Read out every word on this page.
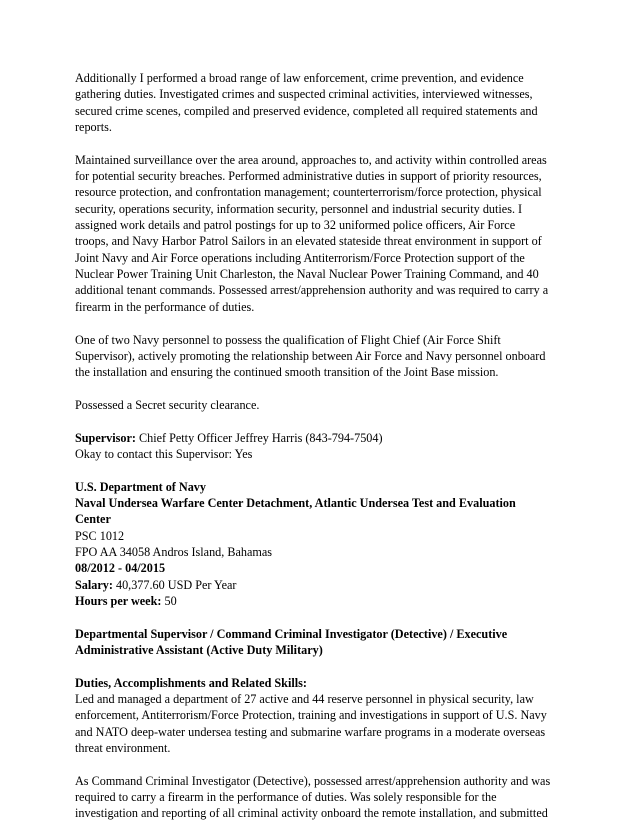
Additionally I performed a broad range of law enforcement, crime prevention, and evidence
gathering duties. Investigated crimes and suspected criminal activities, interviewed witnesses,
secured crime scenes, compiled and preserved evidence, completed all required statements and
reports.
Maintained surveillance over the area around, approaches to, and activity within controlled areas
for potential security breaches. Performed administrative duties in support of priority resources,
resource protection, and confrontation management; counterterrorism/force protection, physical
security, operations security, information security, personnel and industrial security duties. I
assigned work details and patrol postings for up to 32 uniformed police officers, Air Force
troops, and Navy Harbor Patrol Sailors in an elevated stateside threat environment in support of
Joint Navy and Air Force operations including Antiterrorism/Force Protection support of the
Nuclear Power Training Unit Charleston, the Naval Nuclear Power Training Command, and 40
additional tenant commands. Possessed arrest/apprehension authority and was required to carry a
firearm in the performance of duties.
One of two Navy personnel to possess the qualification of Flight Chief (Air Force Shift
Supervisor), actively promoting the relationship between Air Force and Navy personnel onboard
the installation and ensuring the continued smooth transition of the Joint Base mission.
Possessed a Secret security clearance.
Supervisor: Chief Petty Officer Jeffrey Harris (843-794-7504)
Okay to contact this Supervisor: Yes
U.S. Department of Navy
Naval Undersea Warfare Center Detachment, Atlantic Undersea Test and Evaluation
Center
PSC 1012
FPO AA 34058 Andros Island, Bahamas
08/2012 - 04/2015
Salary: 40,377.60 USD Per Year
Hours per week: 50
Departmental Supervisor / Command Criminal Investigator (Detective) / Executive
Administrative Assistant (Active Duty Military)
Duties, Accomplishments and Related Skills:
Led and managed a department of 27 active and 44 reserve personnel in physical security, law
enforcement, Antiterrorism/Force Protection, training and investigations in support of U.S. Navy
and NATO deep-water undersea testing and submarine warfare programs in a moderate overseas
threat environment.
As Command Criminal Investigator (Detective), possessed arrest/apprehension authority and was
required to carry a firearm in the performance of duties. Was solely responsible for the
investigation and reporting of all criminal activity onboard the remote installation, and submitted
